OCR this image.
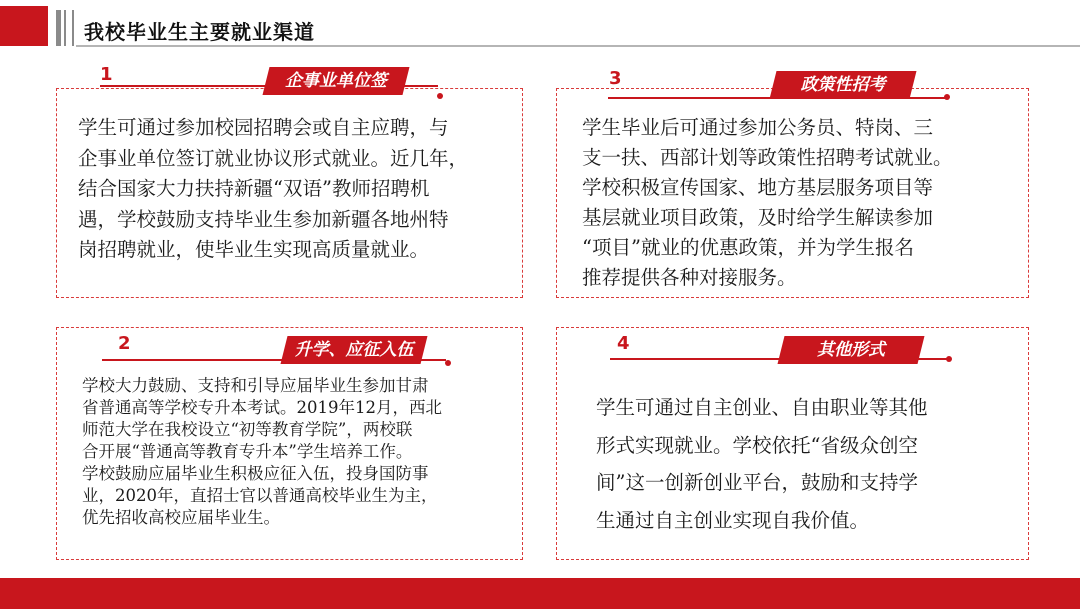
我校毕业生主要就业渠道
1	企事业单位签
学生可通过参加校园招聘会或自主应聘，与
企事业单位签订就业协议形式就业。近几年，
结合国家大力扶持新疆“双语”教师招聘机
遇，学校鼓励支持毕业生参加新疆各地州特
岗招聘就业，使毕业生实现高质量就业。
3	政策性招考
学生毕业后可通过参加公务员、特岗、三
支一扶、西部计划等政策性招聘考试就业。
学校积极宣传国家、地方基层服务项目等
基层就业项目政策，及时给学生解读参加
“项目”就业的优惠政策，并为学生报名
推荐提供各种对接服务。
2	升学、应征入伍
学校大力鼓励、支持和引导应届毕业生参加甘肃
省普通高等学校专升本考试。2019年12月，西北
师范大学在我校设立“初等教育学院”，两校联
合开展“普通高等教育专升本”学生培养工作。
学校鼓励应届毕业生积极应征入伍，投身国防事
业，2020年，直招士官以普通高校毕业生为主，
优先招收高校应届毕业生。
4	其他形式
学生可通过自主创业、自由职业等其他
形式实现就业。学校依托“省级众创空
间”这一创新创业平台，鼓励和支持学
生通过自主创业实现自我价值。
